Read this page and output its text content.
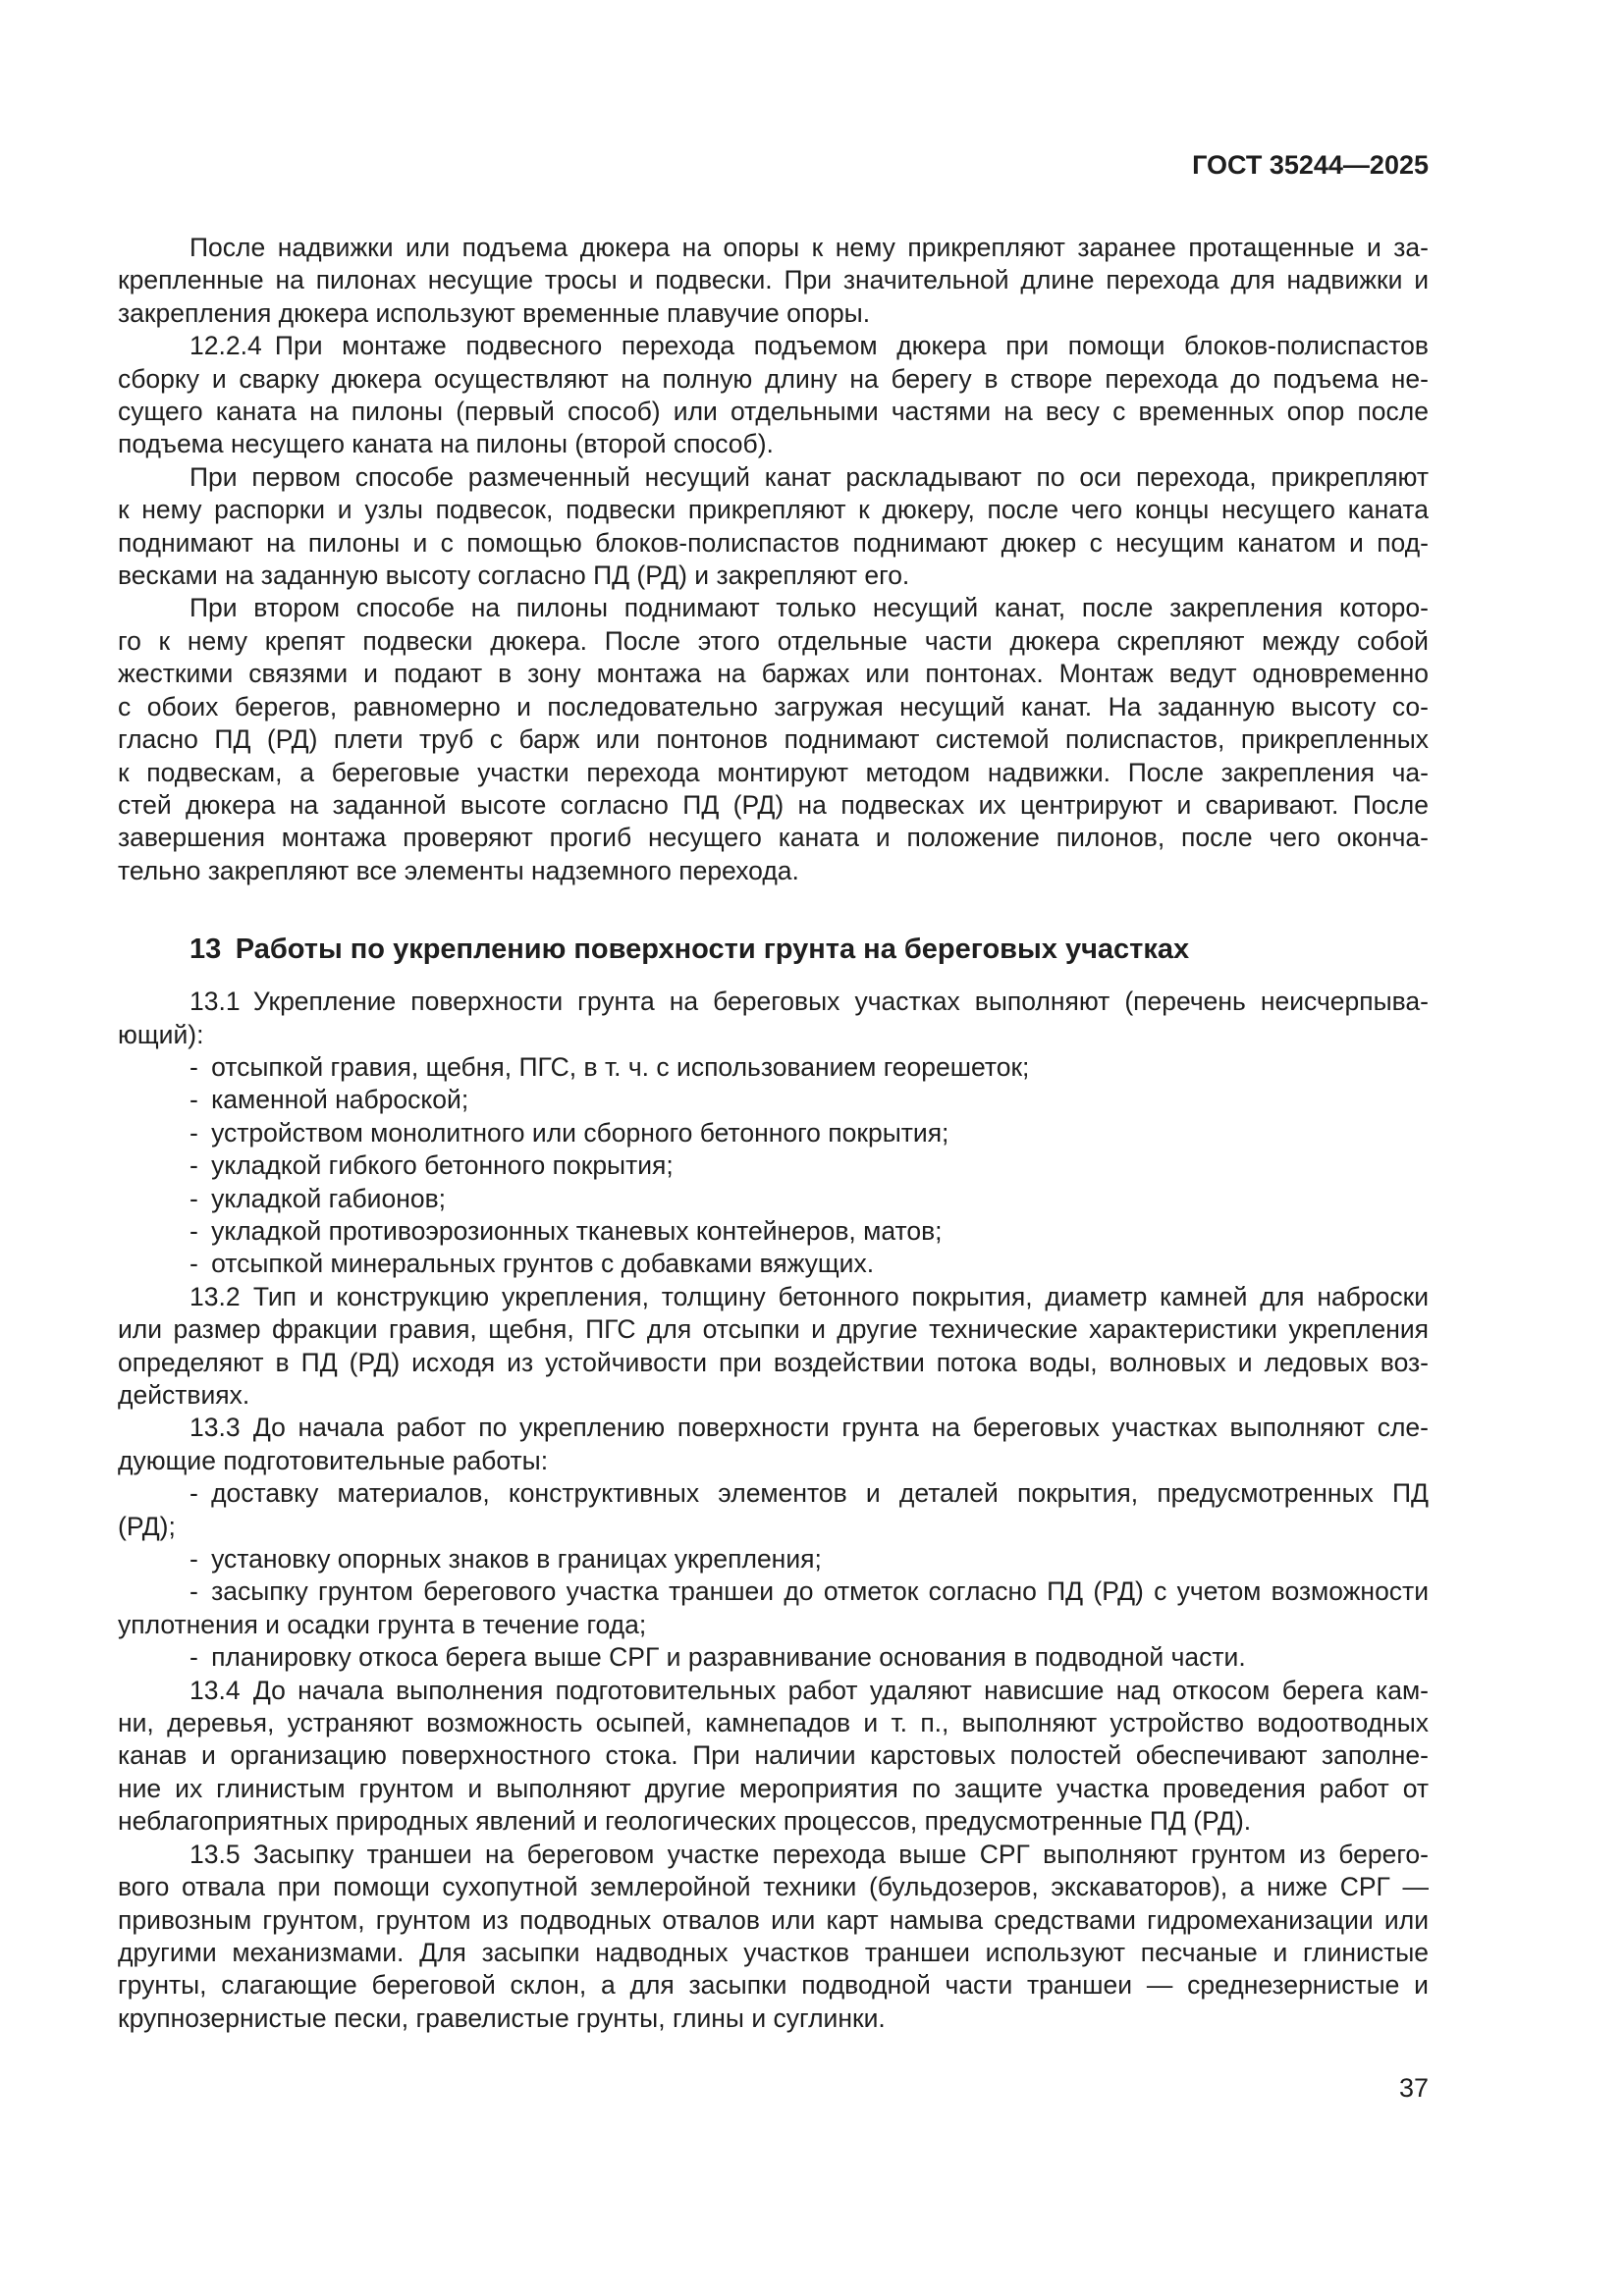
ГОСТ 35244—2025
После надвижки или подъема дюкера на опоры к нему прикрепляют заранее протащенные и за-
крепленные на пилонах несущие тросы и подвески. При значительной длине перехода для надвижки и
закрепления дюкера используют временные плавучие опоры.
12.2.4 При монтаже подвесного перехода подъемом дюкера при помощи блоков-полиспастов
сборку и сварку дюкера осуществляют на полную длину на берегу в створе перехода до подъема не-
сущего каната на пилоны (первый способ) или отдельными частями на весу с временных опор после
подъема несущего каната на пилоны (второй способ).
При первом способе размеченный несущий канат раскладывают по оси перехода, прикрепляют
к нему распорки и узлы подвесок, подвески прикрепляют к дюкеру, после чего концы несущего каната
поднимают на пилоны и с помощью блоков-полиспастов поднимают дюкер с несущим канатом и под-
весками на заданную высоту согласно ПД (РД) и закрепляют его.
При втором способе на пилоны поднимают только несущий канат, после закрепления которо-
го к нему крепят подвески дюкера. После этого отдельные части дюкера скрепляют между собой
жесткими связями и подают в зону монтажа на баржах или понтонах. Монтаж ведут одновременно
с обоих берегов, равномерно и последовательно загружая несущий канат. На заданную высоту со-
гласно ПД (РД) плети труб с барж или понтонов поднимают системой полиспастов, прикрепленных
к подвескам, а береговые участки перехода монтируют методом надвижки. После закрепления ча-
стей дюкера на заданной высоте согласно ПД (РД) на подвесках их центрируют и сваривают. После
завершения монтажа проверяют прогиб несущего каната и положение пилонов, после чего оконча-
тельно закрепляют все элементы надземного перехода.
13 Работы по укреплению поверхности грунта на береговых участках
13.1 Укрепление поверхности грунта на береговых участках выполняют (перечень неисчерпыва-
ющий):
- отсыпкой гравия, щебня, ПГС, в т. ч. с использованием георешеток;
- каменной наброской;
- устройством монолитного или сборного бетонного покрытия;
- укладкой гибкого бетонного покрытия;
- укладкой габионов;
- укладкой противоэрозионных тканевых контейнеров, матов;
- отсыпкой минеральных грунтов с добавками вяжущих.
13.2 Тип и конструкцию укрепления, толщину бетонного покрытия, диаметр камней для наброски
или размер фракции гравия, щебня, ПГС для отсыпки и другие технические характеристики укрепления
определяют в ПД (РД) исходя из устойчивости при воздействии потока воды, волновых и ледовых воз-
действиях.
13.3 До начала работ по укреплению поверхности грунта на береговых участках выполняют сле-
дующие подготовительные работы:
- доставку материалов, конструктивных элементов и деталей покрытия, предусмотренных ПД
(РД);
- установку опорных знаков в границах укрепления;
- засыпку грунтом берегового участка траншеи до отметок согласно ПД (РД) с учетом возможности
уплотнения и осадки грунта в течение года;
- планировку откоса берега выше СРГ и разравнивание основания в подводной части.
13.4 До начала выполнения подготовительных работ удаляют нависшие над откосом берега кам-
ни, деревья, устраняют возможность осыпей, камнепадов и т. п., выполняют устройство водоотводных
канав и организацию поверхностного стока. При наличии карстовых полостей обеспечивают заполне-
ние их глинистым грунтом и выполняют другие мероприятия по защите участка проведения работ от
неблагоприятных природных явлений и геологических процессов, предусмотренные ПД (РД).
13.5 Засыпку траншеи на береговом участке перехода выше СРГ выполняют грунтом из берего-
вого отвала при помощи сухопутной землеройной техники (бульдозеров, экскаваторов), а ниже СРГ —
привозным грунтом, грунтом из подводных отвалов или карт намыва средствами гидромеханизации или
другими механизмами. Для засыпки надводных участков траншеи используют песчаные и глинистые
грунты, слагающие береговой склон, а для засыпки подводной части траншеи — среднезернистые и
крупнозернистые пески, гравелистые грунты, глины и суглинки.
37
